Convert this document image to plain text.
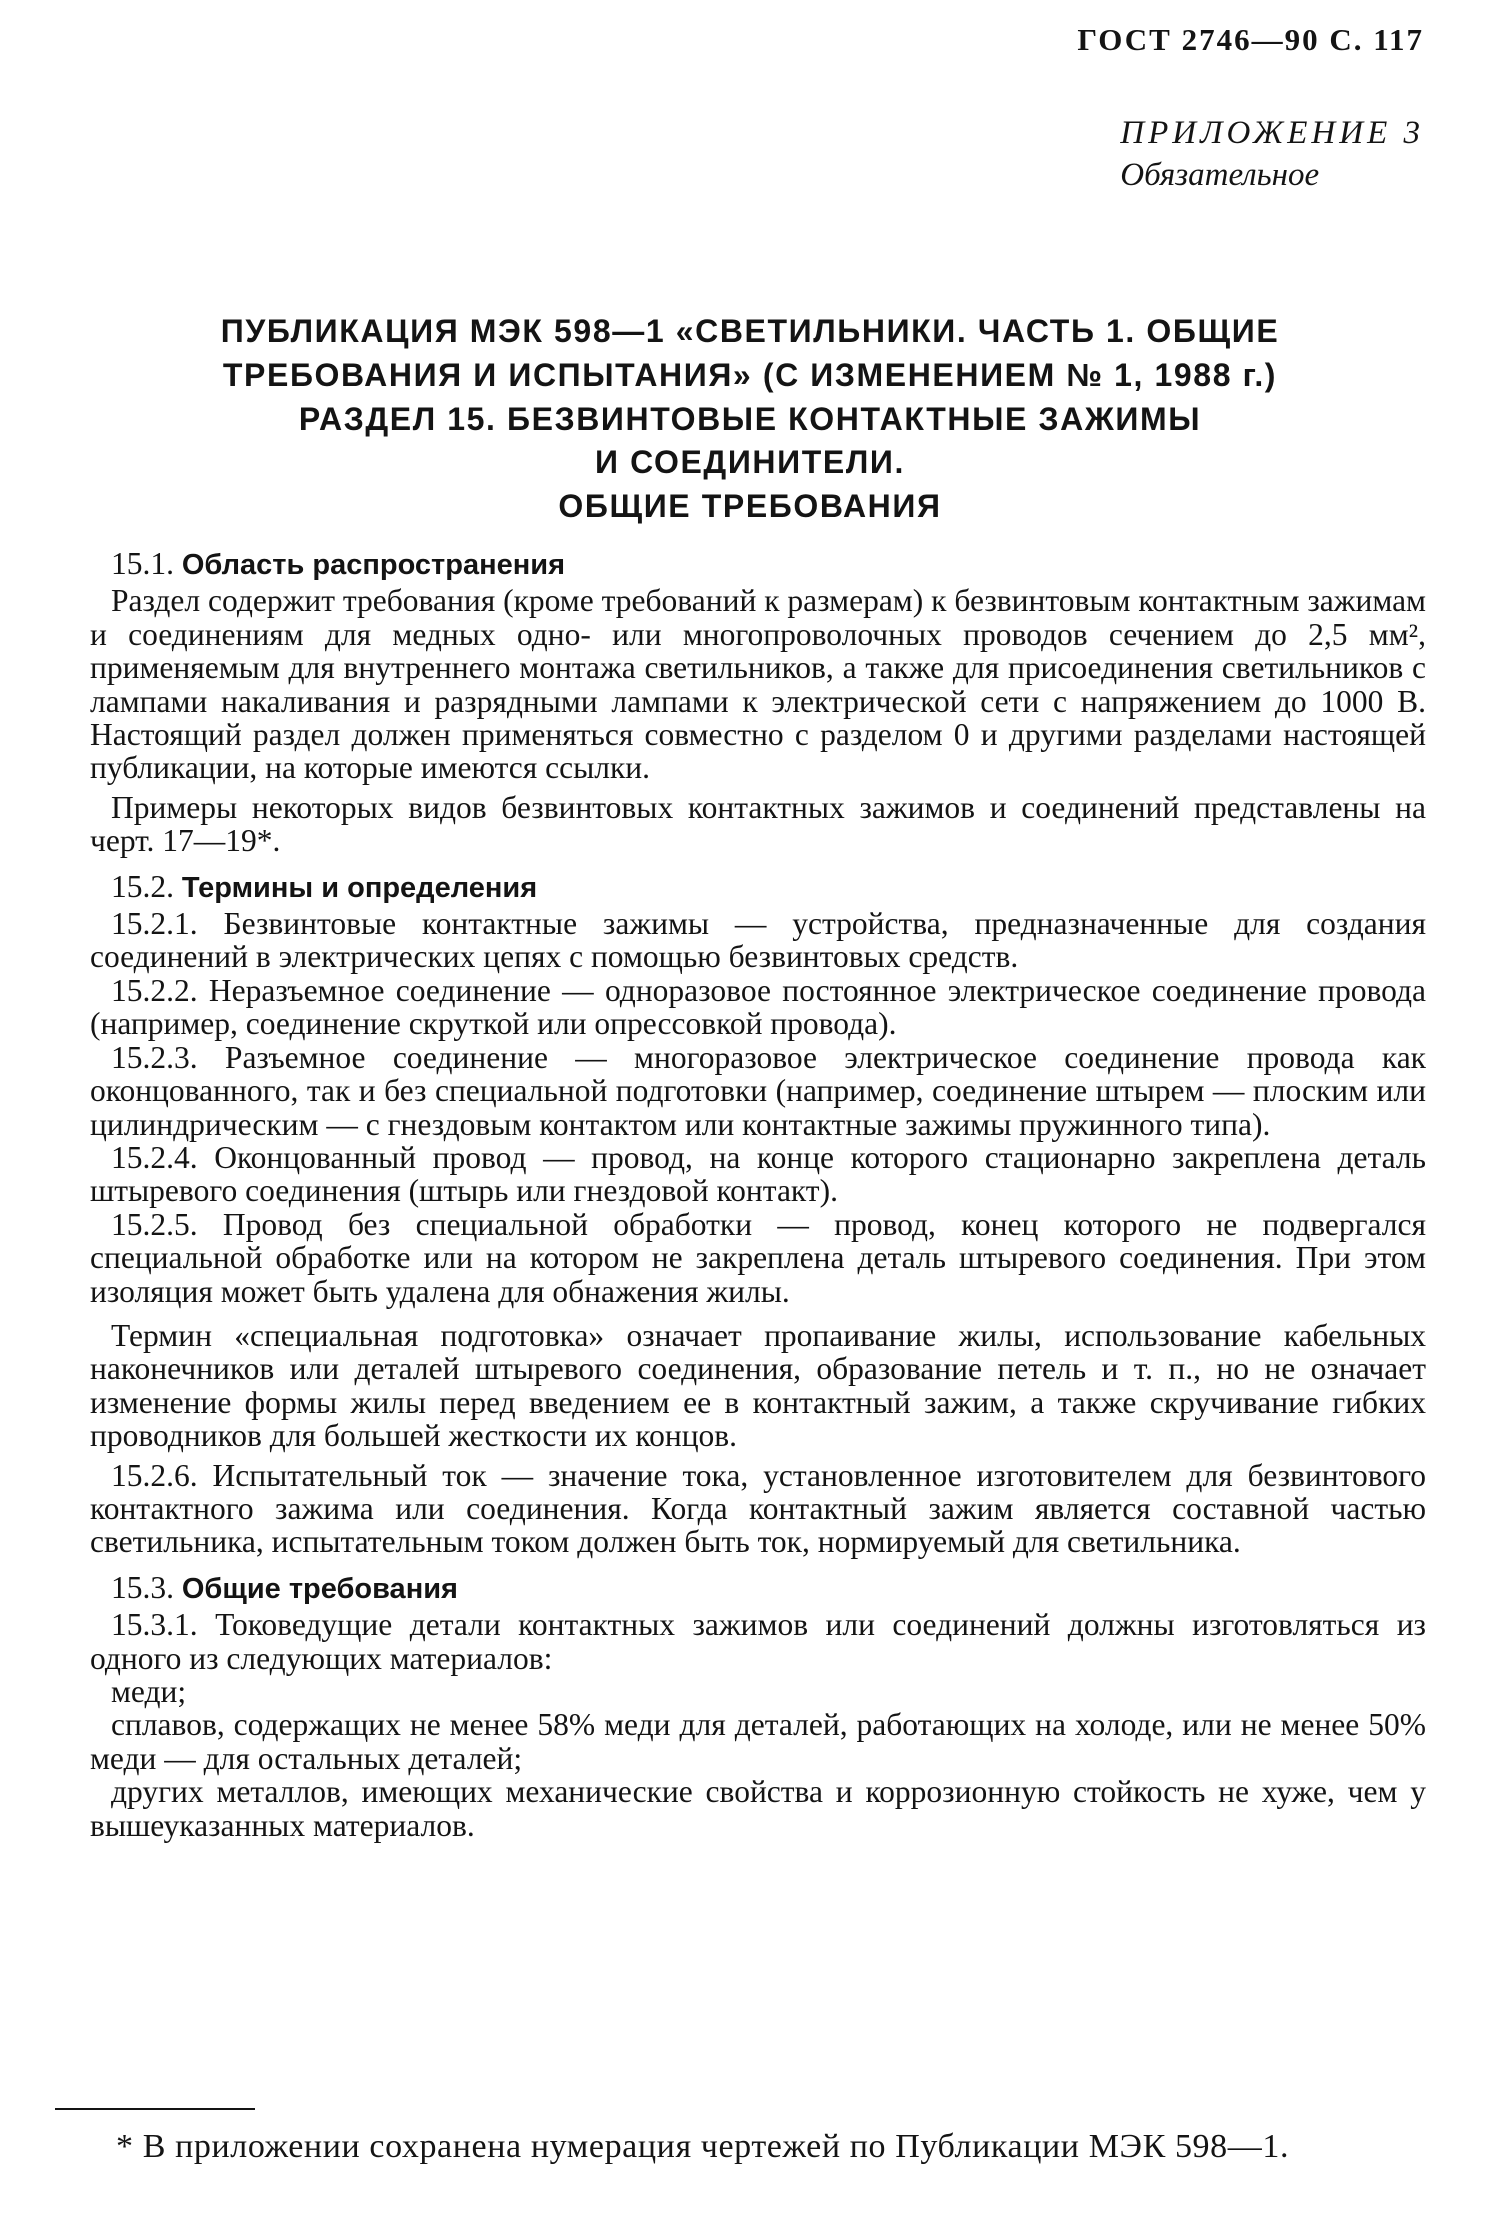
ГОСТ 2746—90 С. 117
ПРИЛОЖЕНИЕ 3
Обязательное
ПУБЛИКАЦИЯ МЭК 598—1 «СВЕТИЛЬНИКИ. ЧАСТЬ 1. ОБЩИЕ
ТРЕБОВАНИЯ И ИСПЫТАНИЯ» (С ИЗМЕНЕНИЕМ № 1, 1988 г.)
РАЗДЕЛ 15. БЕЗВИНТОВЫЕ КОНТАКТНЫЕ ЗАЖИМЫ
И СОЕДИНИТЕЛИ.
ОБЩИЕ ТРЕБОВАНИЯ
15.1. Область распространения

Раздел содержит требования (кроме требований к размерам) к безвинтовым контактным зажимам и соединениям для медных одно- или многопроволочных проводов сечением до 2,5 мм², применяемым для внутреннего монтажа светильников, а также для присоединения светильников с лампами накаливания и разрядными лампами к электрической сети с напряжением до 1000 В. Настоящий раздел должен применяться совместно с разделом 0 и другими разделами настоящей публикации, на которые имеются ссылки.

Примеры некоторых видов безвинтовых контактных зажимов и соединений представлены на черт. 17—19*.

15.2. Термины и определения

15.2.1. Безвинтовые контактные зажимы — устройства, предназначенные для создания соединений в электрических цепях с помощью безвинтовых средств.

15.2.2. Неразъемное соединение — одноразовое постоянное электрическое соединение провода (например, соединение скруткой или опрессовкой провода).

15.2.3. Разъемное соединение — многоразовое электрическое соединение провода как оконцованного, так и без специальной подготовки (например, соединение штырем — плоским или цилиндрическим — с гнездовым контактом или контактные зажимы пружинного типа).

15.2.4. Оконцованный провод — провод, на конце которого стационарно закреплена деталь штыревого соединения (штырь или гнездовой контакт).

15.2.5. Провод без специальной обработки — провод, конец которого не подвергался специальной обработке или на котором не закреплена деталь штыревого соединения. При этом изоляция может быть удалена для обнажения жилы.

Термин «специальная подготовка» означает пропаивание жилы, использование кабельных наконечников или деталей штыревого соединения, образование петель и т. п., но не означает изменение формы жилы перед введением ее в контактный зажим, а также скручивание гибких проводников для большей жесткости их концов.

15.2.6. Испытательный ток — значение тока, установленное изготовителем для безвинтового контактного зажима или соединения. Когда контактный зажим является составной частью светильника, испытательным током должен быть ток, нормируемый для светильника.

15.3. Общие требования

15.3.1. Токоведущие детали контактных зажимов или соединений должны изготовляться из одного из следующих материалов:

меди;

сплавов, содержащих не менее 58% меди для деталей, работающих на холоде, или не менее 50% меди — для остальных деталей;

других металлов, имеющих механические свойства и коррозионную стойкость не хуже, чем у вышеуказанных материалов.

* В приложении сохранена нумерация чертежей по Публикации МЭК 598—1.
